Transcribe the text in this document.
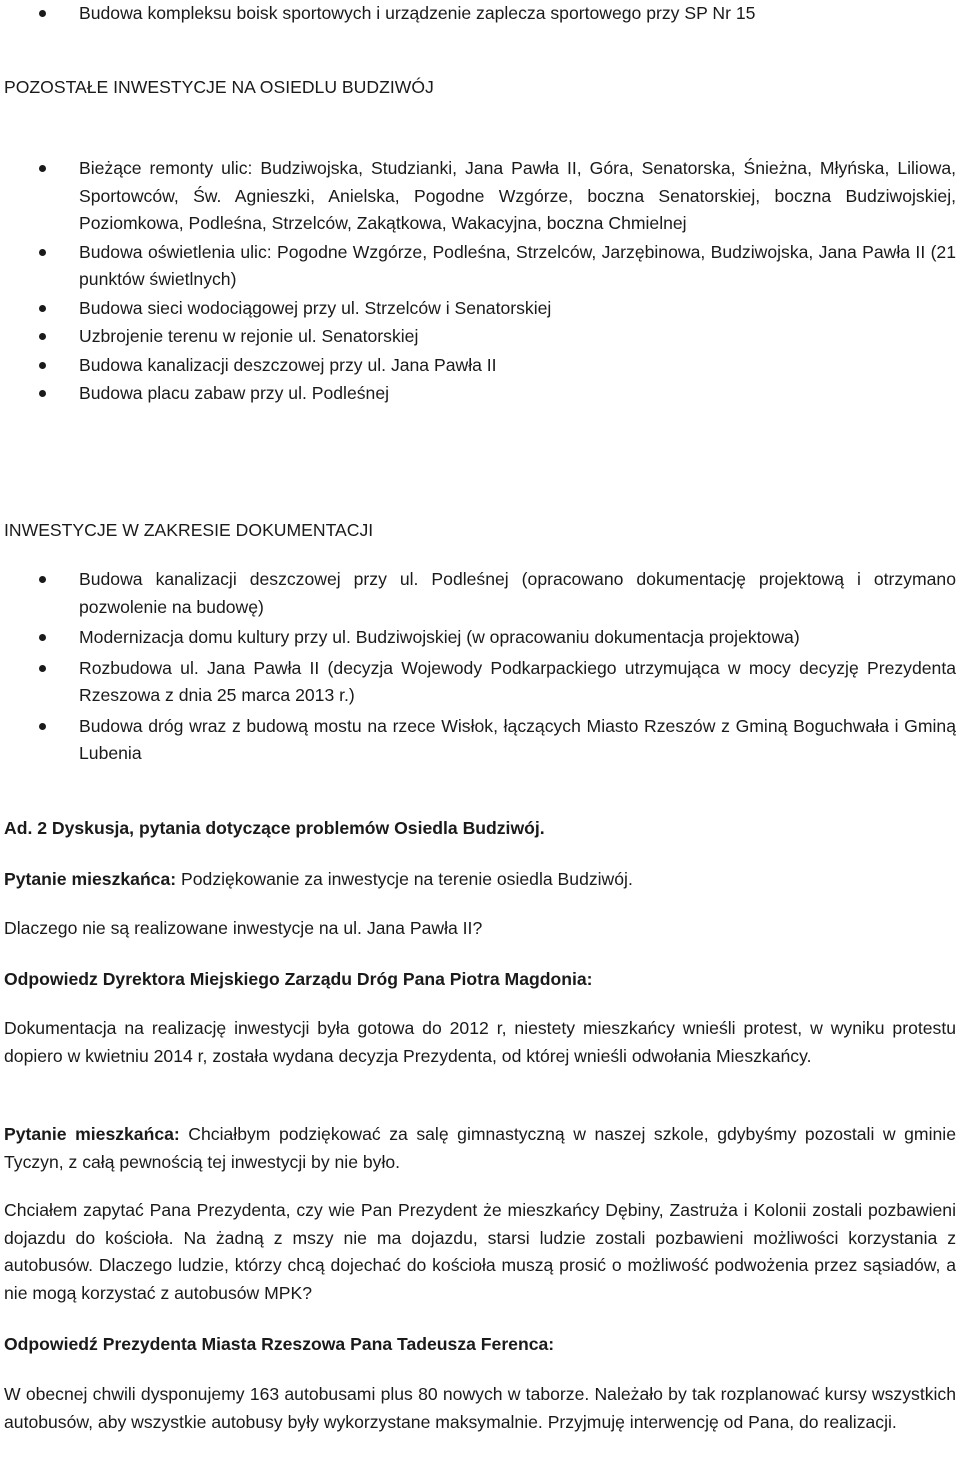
Budowa kompleksu boisk sportowych i urządzenie zaplecza sportowego przy SP Nr 15
POZOSTAŁE INWESTYCJE NA OSIEDLU BUDZIWÓJ
Bieżące remonty ulic: Budziwojska, Studzianki, Jana Pawła II, Góra, Senatorska, Śnieżna, Młyńska, Liliowa, Sportowców, Św. Agnieszki, Anielska, Pogodne Wzgórze, boczna Senatorskiej, boczna Budziwojskiej, Poziomkowa, Podleśna, Strzelców, Zakątkowa, Wakacyjna, boczna Chmielnej
Budowa oświetlenia ulic: Pogodne Wzgórze, Podleśna, Strzelców, Jarzębinowa, Budziwojska, Jana Pawła II (21 punktów świetlnych)
Budowa sieci wodociągowej przy ul. Strzelców i Senatorskiej
Uzbrojenie terenu w rejonie ul. Senatorskiej
Budowa kanalizacji deszczowej przy ul. Jana Pawła II
Budowa placu zabaw przy ul. Podleśnej
INWESTYCJE W ZAKRESIE DOKUMENTACJI
Budowa kanalizacji deszczowej przy ul. Podleśnej (opracowano dokumentację projektową i otrzymano pozwolenie na budowę)
Modernizacja domu kultury przy ul. Budziwojskiej (w opracowaniu dokumentacja projektowa)
Rozbudowa ul. Jana Pawła II (decyzja Wojewody Podkarpackiego utrzymująca w mocy decyzję Prezydenta Rzeszowa z dnia 25 marca 2013 r.)
Budowa dróg wraz z budową mostu na rzece Wisłok, łączących Miasto Rzeszów z Gminą Boguchwała i Gminą Lubenia
Ad. 2 Dyskusja, pytania dotyczące problemów Osiedla Budziwój.
Pytanie mieszkańca: Podziękowanie za inwestycje na terenie osiedla Budziwój.
Dlaczego nie są realizowane inwestycje na ul. Jana Pawła II?
Odpowiedz Dyrektora Miejskiego Zarządu Dróg Pana Piotra Magdonia:
Dokumentacja na realizację inwestycji była gotowa do 2012 r, niestety mieszkańcy wnieśli protest, w wyniku protestu dopiero w kwietniu 2014 r, została wydana decyzja Prezydenta, od której wnieśli odwołania Mieszkańcy.
Pytanie mieszkańca: Chciałbym podziękować za salę gimnastyczną w naszej szkole, gdybyśmy pozostali w gminie Tyczyn, z całą pewnością tej inwestycji by nie było.
Chciałem zapytać Pana Prezydenta, czy wie Pan Prezydent że mieszkańcy Dębiny, Zastruża i Kolonii zostali pozbawieni dojazdu do kościoła. Na żadną z mszy nie ma dojazdu, starsi ludzie zostali pozbawieni możliwości korzystania z autobusów. Dlaczego ludzie, którzy chcą dojechać do kościoła muszą prosić o możliwość podwożenia przez sąsiadów, a nie mogą korzystać z autobusów MPK?
Odpowiedź Prezydenta Miasta Rzeszowa Pana Tadeusza Ferenca:
W obecnej chwili dysponujemy 163 autobusami plus 80 nowych w taborze. Należało by tak rozplanować kursy wszystkich autobusów, aby wszystkie autobusy były wykorzystane maksymalnie. Przyjmuję interwencję od Pana, do realizacji.
